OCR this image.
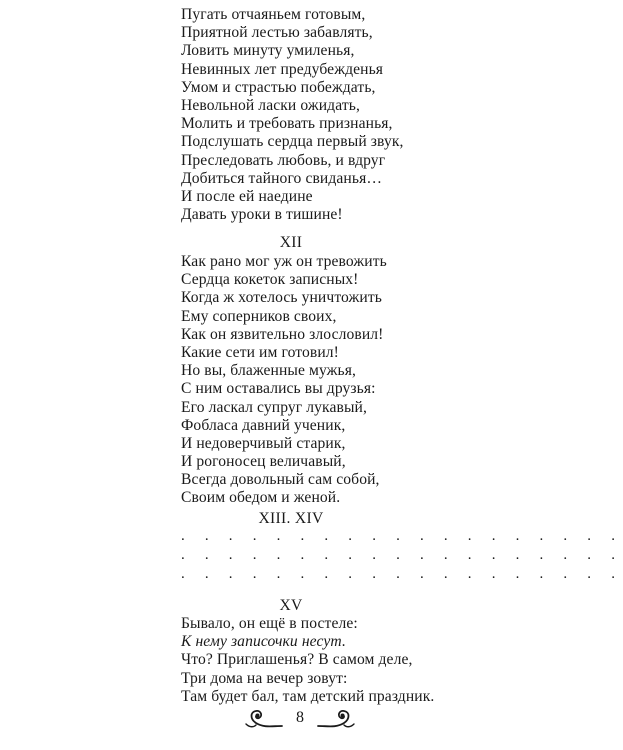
Пугать отчаяньем готовым,
Приятной лестью забавлять,
Ловить минуту умиленья,
Невинных лет предубежденья
Умом и страстью побеждать,
Невольной ласки ожидать,
Молить и требовать признанья,
Подслушать сердца первый звук,
Преследовать любовь, и вдруг
Добиться тайного свиданья…
И после ей наедине
Давать уроки в тишине!
XII
Как рано мог уж он тревожить
Сердца кокеток записных!
Когда ж хотелось уничтожить
Ему соперников своих,
Как он язвительно злословил!
Какие сети им готовил!
Но вы, блаженные мужья,
С ним оставались вы друзья:
Его ласкал супруг лукавый,
Фобласа давний ученик,
И недоверчивый старик,
И рогоносец величавый,
Всегда довольный сам собой,
Своим обедом и женой.
XIII. XIV
. . . . . . . . . . . . . . . . . . .
. . . . . . . . . . . . . . . . . . .
. . . . . . . . . . . . . . . . . . .
XV
Бывало, он ещё в постеле:
К нему записочки несут.
Что? Приглашенья? В самом деле,
Три дома на вечер зовут:
Там будет бал, там детский праздник.
8
